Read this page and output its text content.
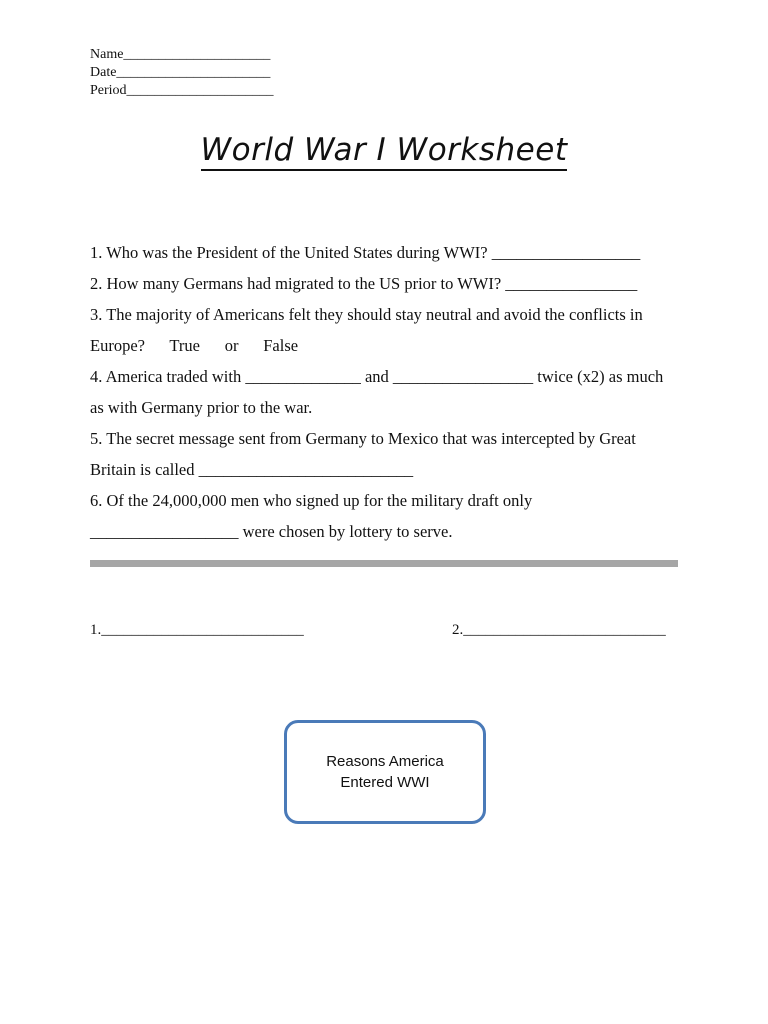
Name_____________________
Date______________________
Period_____________________
World War I Worksheet
1. Who was the President of the United States during WWI? __________________
2. How many Germans had migrated to the US prior to WWI? ________________
3. The majority of Americans felt they should stay neutral and avoid the conflicts in Europe?      True      or      False
4. America traded with ______________ and _________________ twice (x2) as much as with Germany prior to the war.
5. The secret message sent from Germany to Mexico that was intercepted by Great Britain is called __________________________
6. Of the 24,000,000 men who signed up for the military draft only __________________ were chosen by lottery to serve.
1.___________________________	2.___________________________
Reasons America Entered WWI
